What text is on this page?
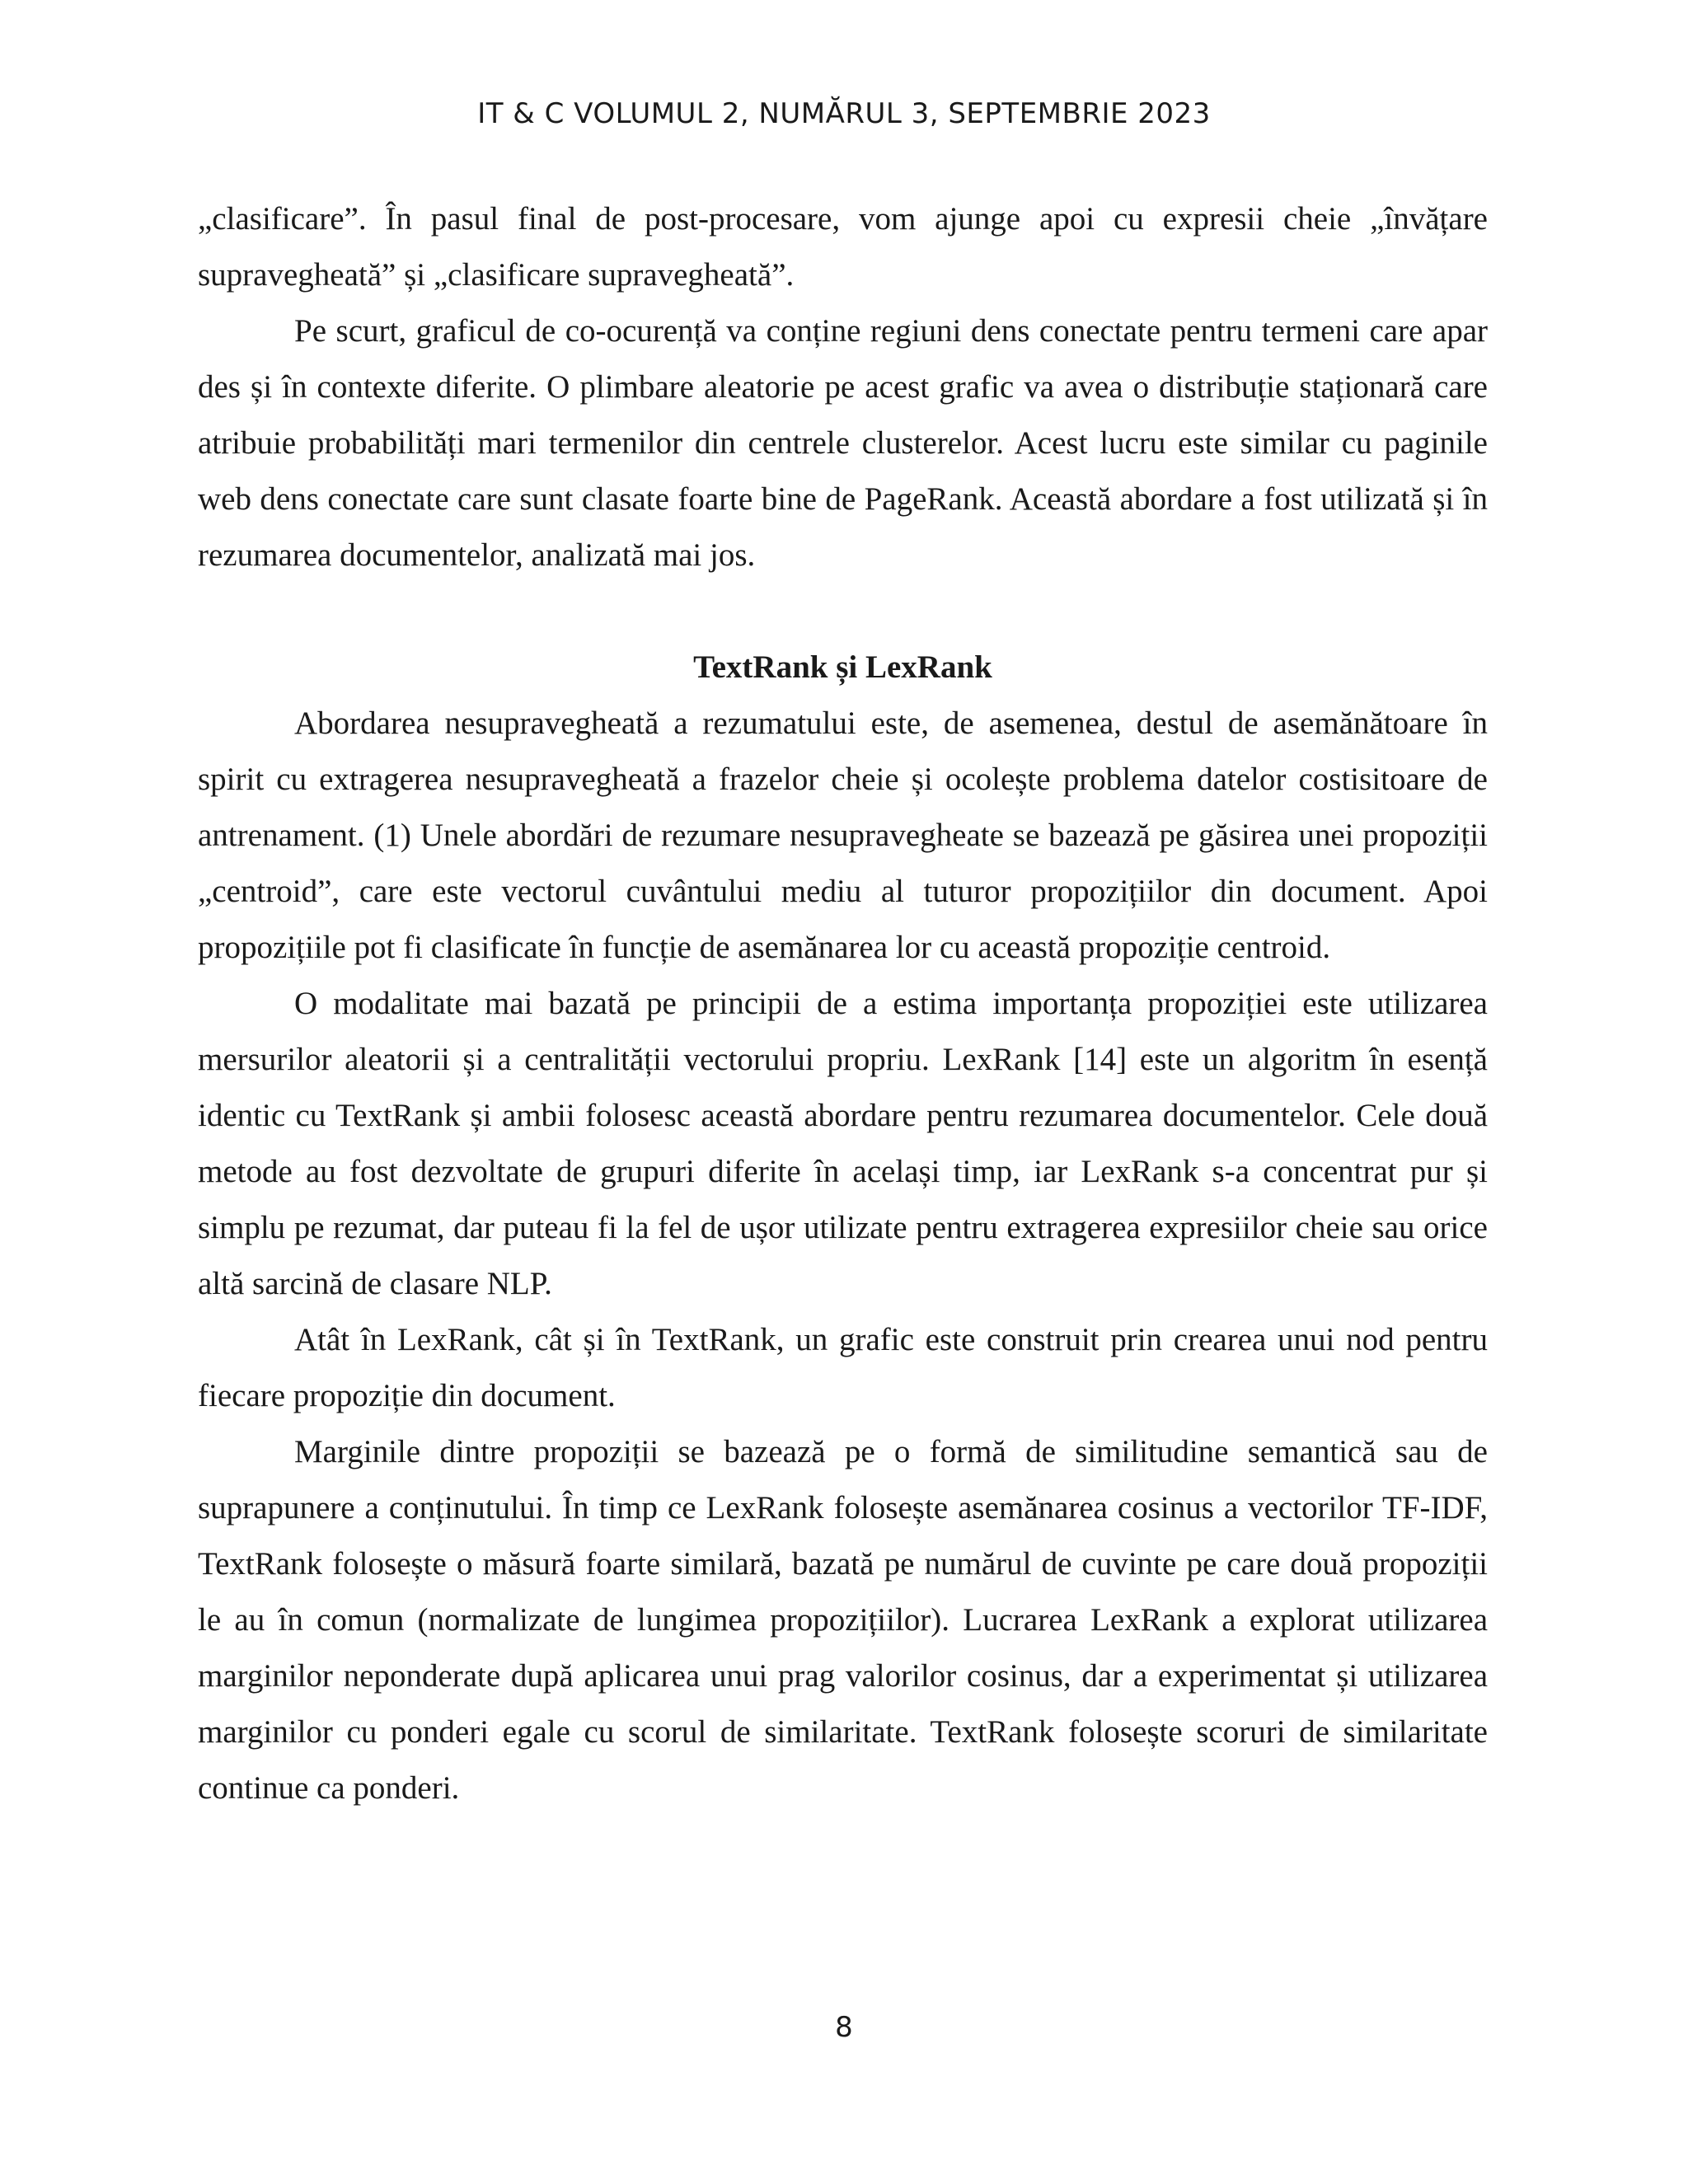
IT & C VOLUMUL 2, NUMĂRUL 3, SEPTEMBRIE 2023

„clasificare”. În pasul final de post-procesare, vom ajunge apoi cu expresii cheie „învățare supravegheată” și „clasificare supravegheată”.

Pe scurt, graficul de co-ocurență va conține regiuni dens conectate pentru termeni care apar des și în contexte diferite. O plimbare aleatorie pe acest grafic va avea o distribuție staționară care atribuie probabilități mari termenilor din centrele clusterelor. Acest lucru este similar cu paginile web dens conectate care sunt clasate foarte bine de PageRank. Această abordare a fost utilizată și în rezumarea documentelor, analizată mai jos.

TextRank și LexRank

Abordarea nesupravegheată a rezumatului este, de asemenea, destul de asemănătoare în spirit cu extragerea nesupravegheată a frazelor cheie și ocolește problema datelor costisitoare de antrenament. (1) Unele abordări de rezumare nesupravegheate se bazează pe găsirea unei propoziții „centroid”, care este vectorul cuvântului mediu al tuturor propozițiilor din document. Apoi propozițiile pot fi clasificate în funcție de asemănarea lor cu această propoziție centroid.

O modalitate mai bazată pe principii de a estima importanța propoziției este utilizarea mersurilor aleatorii și a centralității vectorului propriu. LexRank [14] este un algoritm în esență identic cu TextRank și ambii folosesc această abordare pentru rezumarea documentelor. Cele două metode au fost dezvoltate de grupuri diferite în același timp, iar LexRank s-a concentrat pur și simplu pe rezumat, dar puteau fi la fel de ușor utilizate pentru extragerea expresiilor cheie sau orice altă sarcină de clasare NLP.

Atât în LexRank, cât și în TextRank, un grafic este construit prin crearea unui nod pentru fiecare propoziție din document.

Marginile dintre propoziții se bazează pe o formă de similitudine semantică sau de suprapunere a conținutului. În timp ce LexRank folosește asemănarea cosinus a vectorilor TF-IDF, TextRank folosește o măsură foarte similară, bazată pe numărul de cuvinte pe care două propoziții le au în comun (normalizate de lungimea propozițiilor). Lucrarea LexRank a explorat utilizarea marginilor neponderate după aplicarea unui prag valorilor cosinus, dar a experimentat și utilizarea marginilor cu ponderi egale cu scorul de similaritate. TextRank folosește scoruri de similaritate continue ca ponderi.

8
